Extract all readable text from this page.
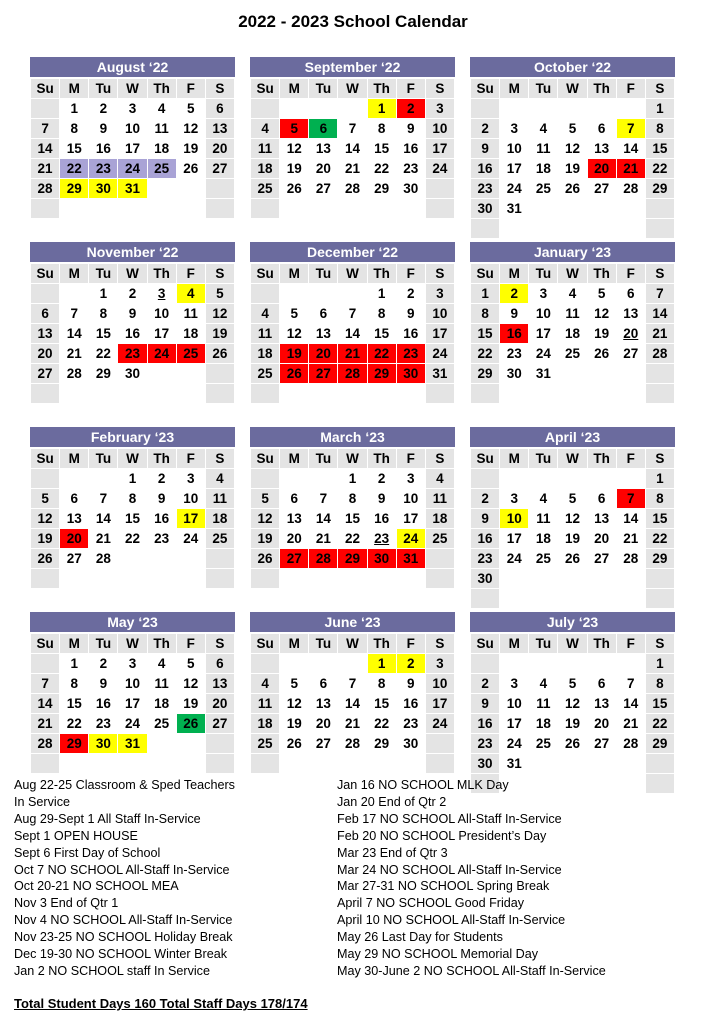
2022 - 2023 School Calendar
August ‘22
Su	M	Tu	W	Th	F	S
	1	2	3	4	5	6
7	8	9	10	11	12	13
14	15	16	17	18	19	20
21	22	23	24	25	26	27
28	29	30	31			

September ‘22
Su	M	Tu	W	Th	F	S
				1	2	3
4	5	6	7	8	9	10
11	12	13	14	15	16	17
18	19	20	21	22	23	24
25	26	27	28	29	30	

October ‘22
Su	M	Tu	W	Th	F	S
						1
2	3	4	5	6	7	8
9	10	11	12	13	14	15
16	17	18	19	20	21	22
23	24	25	26	27	28	29
30	31					

November ‘22
Su	M	Tu	W	Th	F	S
		1	2	3	4	5
6	7	8	9	10	11	12
13	14	15	16	17	18	19
20	21	22	23	24	25	26
27	28	29	30			

December ‘22
Su	M	Tu	W	Th	F	S
				1	2	3
4	5	6	7	8	9	10
11	12	13	14	15	16	17
18	19	20	21	22	23	24
25	26	27	28	29	30	31

January ‘23
Su	M	Tu	W	Th	F	S
1	2	3	4	5	6	7
8	9	10	11	12	13	14
15	16	17	18	19	20	21
22	23	24	25	26	27	28
29	30	31				

February ‘23
Su	M	Tu	W	Th	F	S
			1	2	3	4
5	6	7	8	9	10	11
12	13	14	15	16	17	18
19	20	21	22	23	24	25
26	27	28				

March ‘23
Su	M	Tu	W	Th	F	S
			1	2	3	4
5	6	7	8	9	10	11
12	13	14	15	16	17	18
19	20	21	22	23	24	25
26	27	28	29	30	31	

April ‘23
Su	M	Tu	W	Th	F	S
						1
2	3	4	5	6	7	8
9	10	11	12	13	14	15
16	17	18	19	20	21	22
23	24	25	26	27	28	29
30						

May ‘23
Su	M	Tu	W	Th	F	S
	1	2	3	4	5	6
7	8	9	10	11	12	13
14	15	16	17	18	19	20
21	22	23	24	25	26	27
28	29	30	31			

June ‘23
Su	M	Tu	W	Th	F	S
				1	2	3
4	5	6	7	8	9	10
11	12	13	14	15	16	17
18	19	20	21	22	23	24
25	26	27	28	29	30	

July ‘23
Su	M	Tu	W	Th	F	S
						1
2	3	4	5	6	7	8
9	10	11	12	13	14	15
16	17	18	19	20	21	22
23	24	25	26	27	28	29
30	31					

Aug 22-25 Classroom & Sped Teachers
In Service
Aug 29-Sept 1 All Staff In-Service
Sept 1 OPEN HOUSE
Sept 6 First Day of School
Oct 7 NO SCHOOL All-Staff In-Service
Oct 20-21 NO SCHOOL MEA
Nov 3 End of Qtr 1
Nov 4 NO SCHOOL All-Staff In-Service
Nov 23-25 NO SCHOOL Holiday Break
Dec 19-30 NO SCHOOL Winter Break
Jan 2 NO SCHOOL staff In Service
Jan 16 NO SCHOOL MLK Day
Jan 20 End of Qtr 2
Feb 17 NO SCHOOL All-Staff In-Service
Feb 20 NO SCHOOL President’s Day
Mar 23 End of Qtr 3
Mar 24 NO SCHOOL All-Staff In-Service
Mar 27-31 NO SCHOOL Spring Break
April 7 NO SCHOOL Good Friday
April 10 NO SCHOOL All-Staff In-Service
May 26 Last Day for Students
May 29 NO SCHOOL Memorial Day
May 30-June 2 NO SCHOOL All-Staff In-Service
Total Student Days 160 Total Staff Days 178/174
